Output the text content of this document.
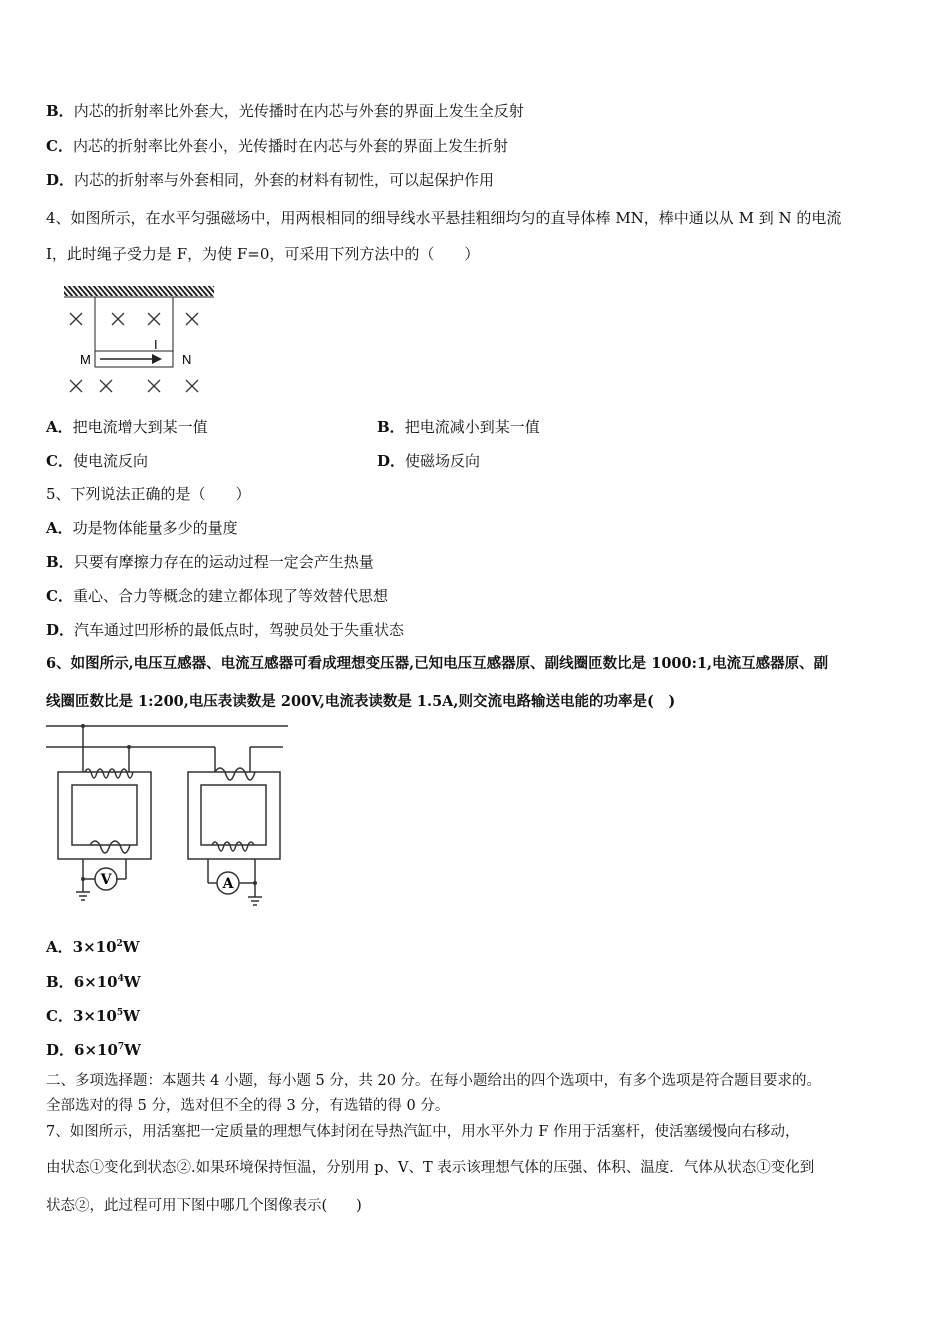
B．内芯的折射率比外套大，光传播时在内芯与外套的界面上发生全反射
C．内芯的折射率比外套小，光传播时在内芯与外套的界面上发生折射
D．内芯的折射率与外套相同，外套的材料有韧性，可以起保护作用
4、如图所示，在水平匀强磁场中，用两根相同的细导线水平悬挂粗细均匀的直导体棒 MN，棒中通以从 M 到 N 的电流
I，此时绳子受力是 F，为使 F=0，可采用下列方法中的（　　）
M	N
I
A．把电流增大到某一值	B．把电流减小到某一值
C．使电流反向	D．使磁场反向
5、下列说法正确的是（　　）
A．功是物体能量多少的量度
B．只要有摩擦力存在的运动过程一定会产生热量
C．重心、合力等概念的建立都体现了等效替代思想
D．汽车通过凹形桥的最低点时，驾驶员处于失重状态
6、如图所示,电压互感器、电流互感器可看成理想变压器,已知电压互感器原、副线圈匝数比是 1000:1,电流互感器原、副
线圈匝数比是 1:200,电压表读数是 200V,电流表读数是 1.5A,则交流电路输送电能的功率是(　)
V	A
A．$3\times 10^2W$
B．$6\times 10^4W$
C．$3\times 10^5W$
D．$6\times 10^7W$
二、多项选择题：本题共 4 小题，每小题 5 分，共 20 分。在每小题给出的四个选项中，有多个选项是符合题目要求的。
全部选对的得 5 分，选对但不全的得 3 分，有选错的得 0 分。
7、如图所示，用活塞把一定质量的理想气体封闭在导热汽缸中，用水平外力 F 作用于活塞杆，使活塞缓慢向右移动，
由状态①变化到状态②.如果环境保持恒温，分别用 p、V、T 表示该理想气体的压强、体积、温度．气体从状态①变化到
状态②，此过程可用下图中哪几个图像表示(　　)
